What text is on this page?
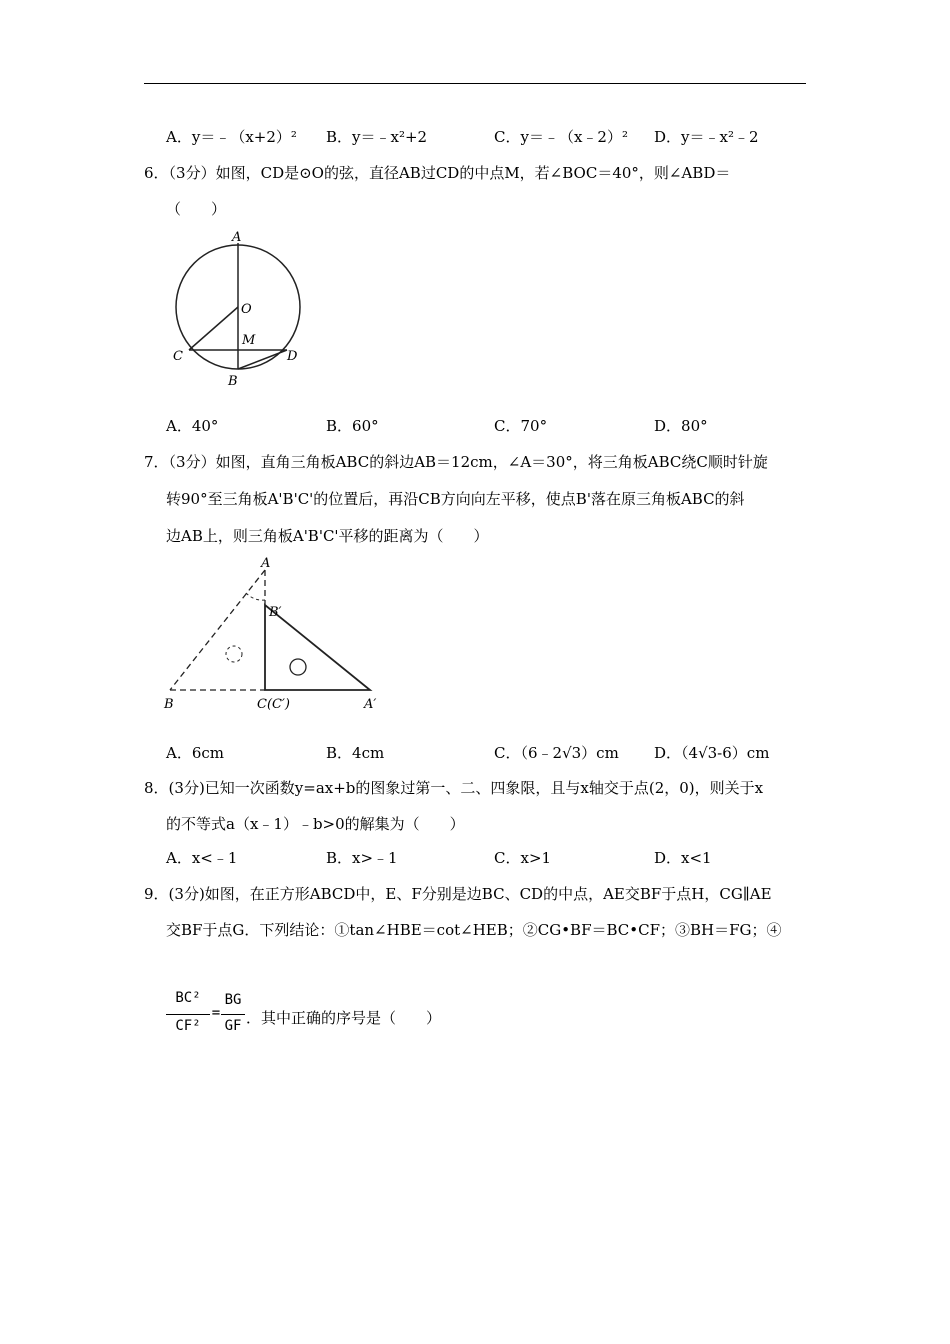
A．y＝﹣（x+2）² B．y＝﹣x²+2	C．y＝﹣（x﹣2）² D．y＝﹣x²﹣2
6．（3分）如图，CD是⊙O的弦，直径AB过CD的中点M，若∠BOC＝40°，则∠ABD＝
（　　）
A
O
M
C	D
B
A．40°	B．60°	C．70°	D．80°
7．（3分）如图，直角三角板ABC的斜边AB＝12cm，∠A＝30°，将三角板ABC绕C顺时针旋
转90°至三角板A'B'C'的位置后，再沿CB方向向左平移，使点B'落在原三角板ABC的斜
边AB上，则三角板A'B'C'平移的距离为（　　）
A
B′
B	C(C′)	A′
A．6cm	B．4cm	C．（6﹣2√3）cm D．（4√3-6）cm
8．(3分)已知一次函数y=ax+b的图象过第一、二、四象限，且与x轴交于点(2，0)，则关于x
的不等式a（x﹣1）﹣b>0的解集为（　　）
A．x<﹣1	B．x>﹣1	C．x>1	D．x<1
9．(3分)如图，在正方形ABCD中，E、F分别是边BC、CD的中点，AE交BF于点H，CG∥AE
交BF于点G．下列结论：①tan∠HBE＝cot∠HEB；②CG•BF＝BC•CF；③BH＝FG；④
BC²
CF²
=
BG
GF ．其中正确的序号是（　　）
